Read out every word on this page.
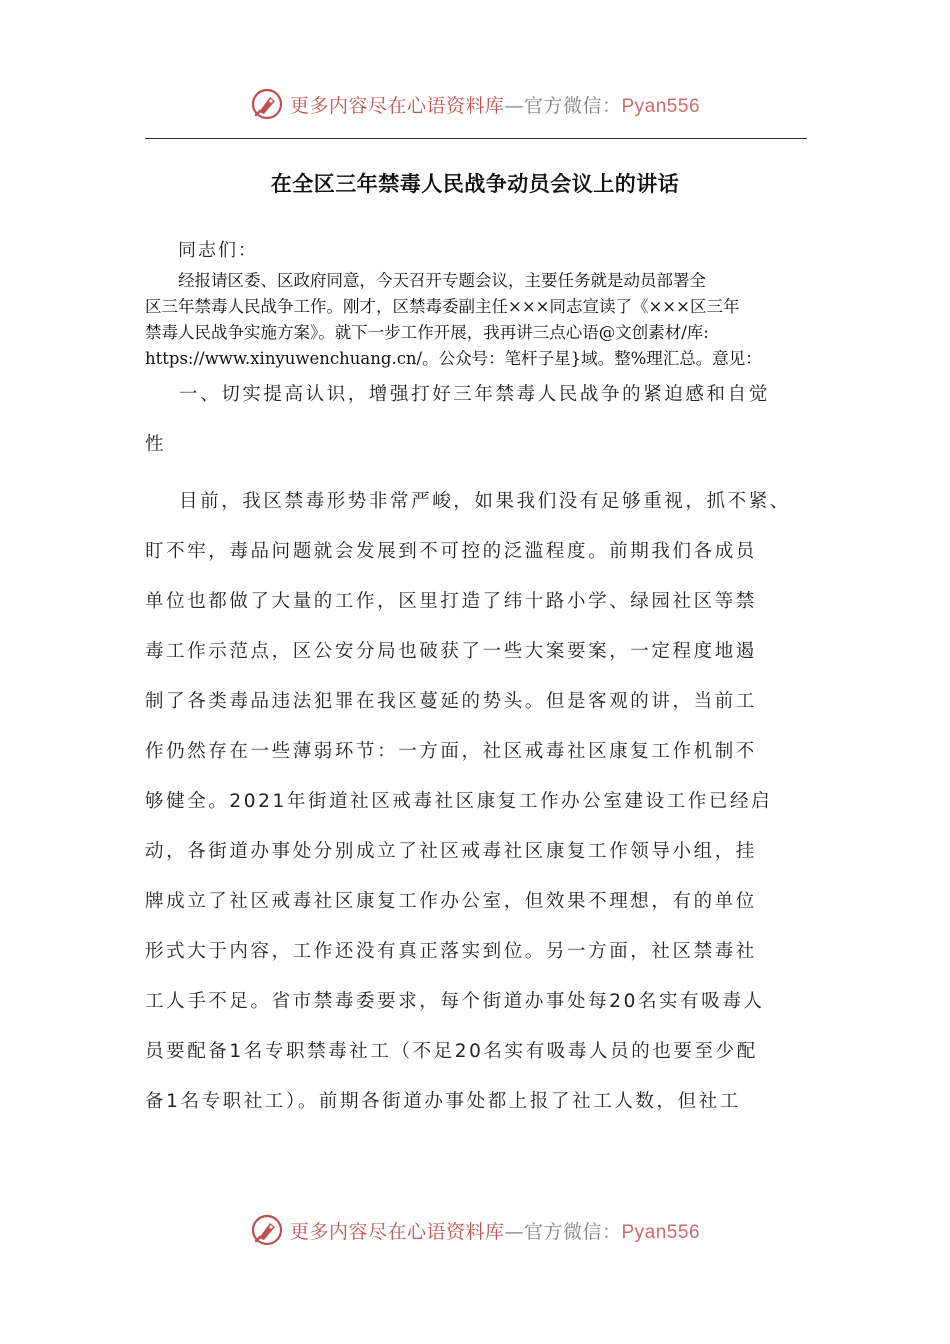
更多内容尽在心语资料库—官方微信：Pyan556
在全区三年禁毒人民战争动员会议上的讲话
同志们：
　　经报请区委、区政府同意，今天召开专题会议，主要任务就是动员部署全
区三年禁毒人民战争工作。刚才，区禁毒委副主任×××同志宣读了《×××区三年
禁毒人民战争实施方案》。就下一步工作开展，我再讲三点心语@文创素材/库:
https://www.xinyuwenchuang.cn/。公众号：笔杆子星}域。整%理汇总。意见：
一、切实提高认识，增强打好三年禁毒人民战争的紧迫感和自觉
性
目前，我区禁毒形势非常严峻，如果我们没有足够重视，抓不紧、
盯不牢，毒品问题就会发展到不可控的泛滥程度。前期我们各成员
单位也都做了大量的工作，区里打造了纬十路小学、绿园社区等禁
毒工作示范点，区公安分局也破获了一些大案要案，一定程度地遏
制了各类毒品违法犯罪在我区蔓延的势头。但是客观的讲，当前工
作仍然存在一些薄弱环节：一方面，社区戒毒社区康复工作机制不
够健全。2021年街道社区戒毒社区康复工作办公室建设工作已经启
动，各街道办事处分别成立了社区戒毒社区康复工作领导小组，挂
牌成立了社区戒毒社区康复工作办公室，但效果不理想，有的单位
形式大于内容，工作还没有真正落实到位。另一方面，社区禁毒社
工人手不足。省市禁毒委要求，每个街道办事处每20名实有吸毒人
员要配备1名专职禁毒社工（不足20名实有吸毒人员的也要至少配
备1名专职社工）。前期各街道办事处都上报了社工人数，但社工
更多内容尽在心语资料库—官方微信：Pyan556
